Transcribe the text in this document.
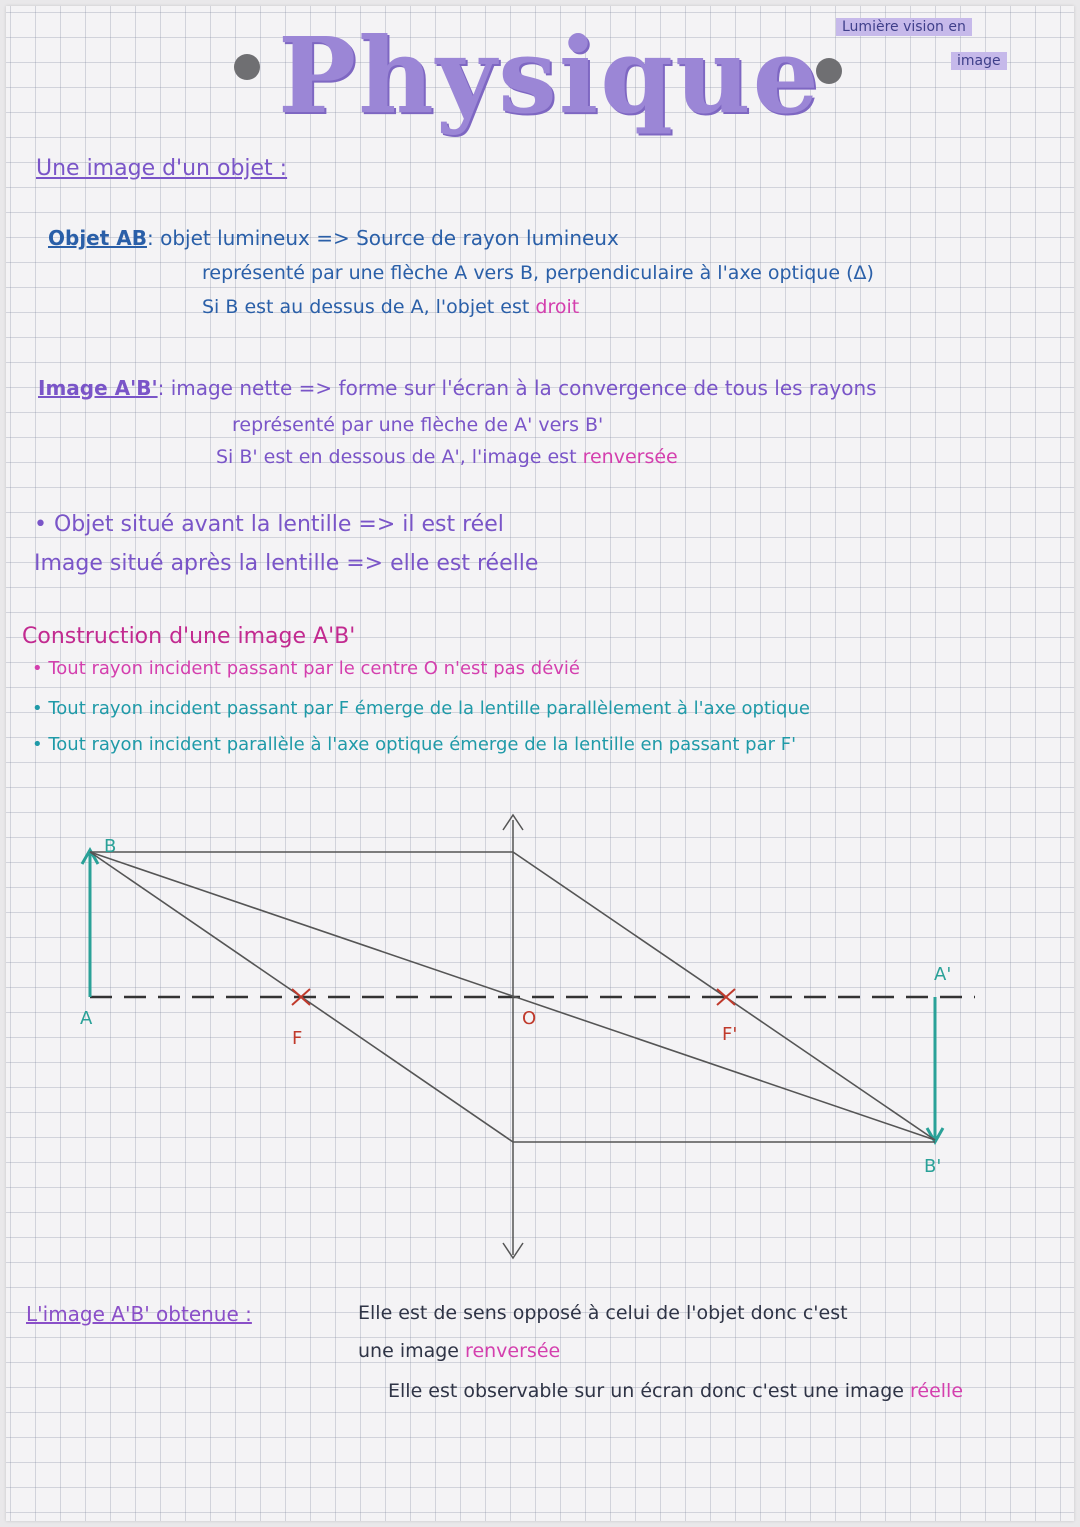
Physique	Lumière vision en
image
Une image d'un objet :
Objet AB: objet lumineux => Source de rayon lumineux
représenté par une flèche A vers B, perpendiculaire à l'axe optique (Δ)
Si B est au dessus de A, l'objet est droit
Image A'B': image nette => forme sur l'écran à la convergence de tous les rayons
représenté par une flèche de A' vers B'
Si B' est en dessous de A', l'image est renversée
• Objet situé avant la lentille => il est réel
Image situé après la lentille => elle est réelle
Construction d'une image A'B'
• Tout rayon incident passant par le centre O n'est pas dévié
• Tout rayon incident passant par F émerge de la lentille parallèlement à l'axe optique
• Tout rayon incident parallèle à l'axe optique émerge de la lentille en passant par F'
L'image A'B' obtenue :	Elle est de sens opposé à celui de l'objet donc c'est
une image renversée
Elle est observable sur un écran donc c'est une image réelle
B
A
F
O
F'
A'
B'
